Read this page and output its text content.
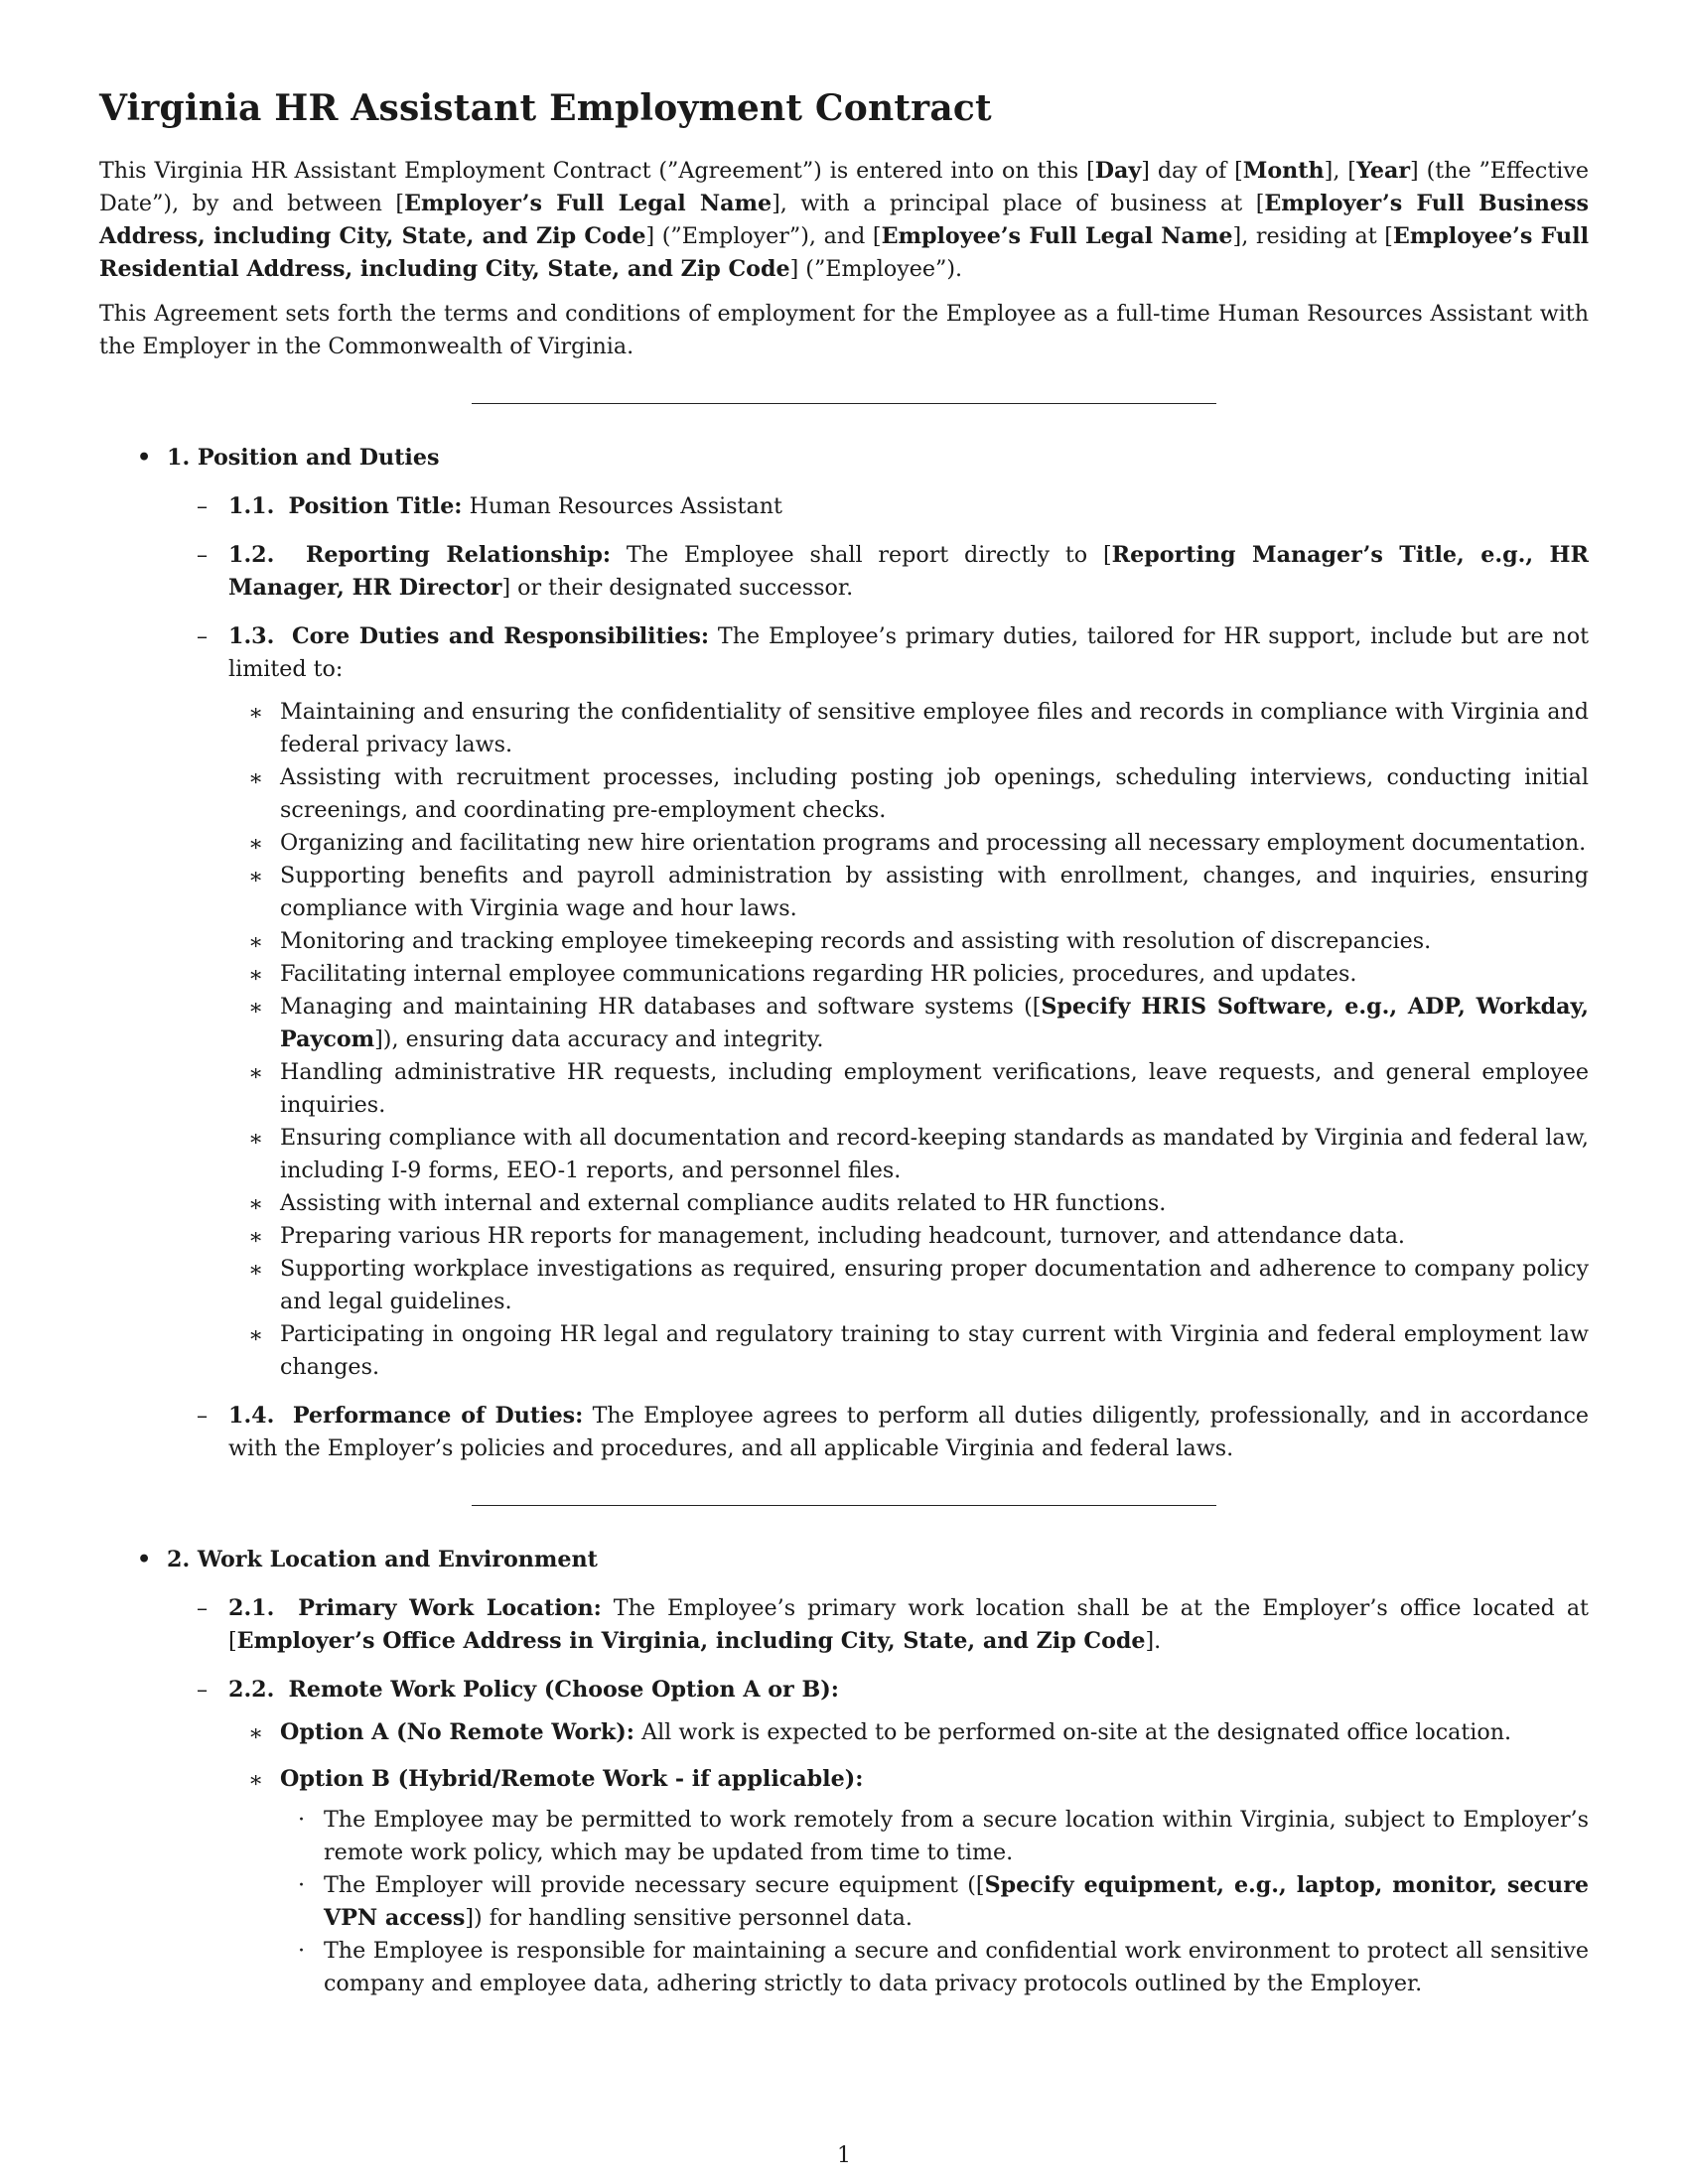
Virginia HR Assistant Employment Contract

This Virginia HR Assistant Employment Contract (”Agreement”) is entered into on this [Day] day of [Month], [Year] (the ”Effective Date”), by and between [Employer’s Full Legal Name], with a principal place of business at [Employer’s Full Business Address, including City, State, and Zip Code] (”Employer”), and [Employee’s Full Legal Name], residing at [Employee’s Full Residential Address, including City, State, and Zip Code] (”Employee”).

This Agreement sets forth the terms and conditions of employment for the Employee as a full-time Human Resources Assistant with the Employer in the Commonwealth of Virginia.

• 1. Position and Duties
– 1.1. Position Title: Human Resources Assistant
– 1.2. Reporting Relationship: The Employee shall report directly to [Reporting Manager’s Title, e.g., HR Manager, HR Director] or their designated successor.
– 1.3. Core Duties and Responsibilities: The Employee’s primary duties, tailored for HR support, include but are not limited to:

∗ Maintaining and ensuring the confidentiality of sensitive employee files and records in compliance with Virginia and federal privacy laws.

∗ Assisting with recruitment processes, including posting job openings, scheduling interviews, conducting initial screenings, and coordinating pre-employment checks.

∗ Organizing and facilitating new hire orientation programs and processing all necessary employment documentation.

∗ Supporting benefits and payroll administration by assisting with enrollment, changes, and inquiries, ensuring compliance with Virginia wage and hour laws.

∗ Monitoring and tracking employee timekeeping records and assisting with resolution of discrepancies.

∗ Facilitating internal employee communications regarding HR policies, procedures, and updates.

∗ Managing and maintaining HR databases and software systems ([Specify HRIS Software, e.g., ADP, Workday, Paycom]), ensuring data accuracy and integrity.

∗ Handling administrative HR requests, including employment verifications, leave requests, and general employee inquiries.

∗ Ensuring compliance with all documentation and record-keeping standards as mandated by Virginia and federal law, including I-9 forms, EEO-1 reports, and personnel files.

∗ Assisting with internal and external compliance audits related to HR functions.

∗ Preparing various HR reports for management, including headcount, turnover, and attendance data.

∗ Supporting workplace investigations as required, ensuring proper documentation and adherence to company policy and legal guidelines.

∗ Participating in ongoing HR legal and regulatory training to stay current with Virginia and federal employment law changes.

– 1.4. Performance of Duties: The Employee agrees to perform all duties diligently, professionally, and in accordance with the Employer’s policies and procedures, and all applicable Virginia and federal laws.
• 2. Work Location and Environment
– 2.1. Primary Work Location: The Employee’s primary work location shall be at the Employer’s office located at [Employer’s Office Address in Virginia, including City, State, and Zip Code].
– 2.2. Remote Work Policy (Choose Option A or B):

∗ Option A (No Remote Work): All work is expected to be performed on-site at the designated office location.

∗ Option B (Hybrid/Remote Work - if applicable):

· The Employee may be permitted to work remotely from a secure location within Virginia, subject to Employer’s remote work policy, which may be updated from time to time.

· The Employer will provide necessary secure equipment ([Specify equipment, e.g., laptop, monitor, secure VPN access]) for handling sensitive personnel data.

· The Employee is responsible for maintaining a secure and confidential work environment to protect all sensitive company and employee data, adhering strictly to data privacy protocols outlined by the Employer.

1
